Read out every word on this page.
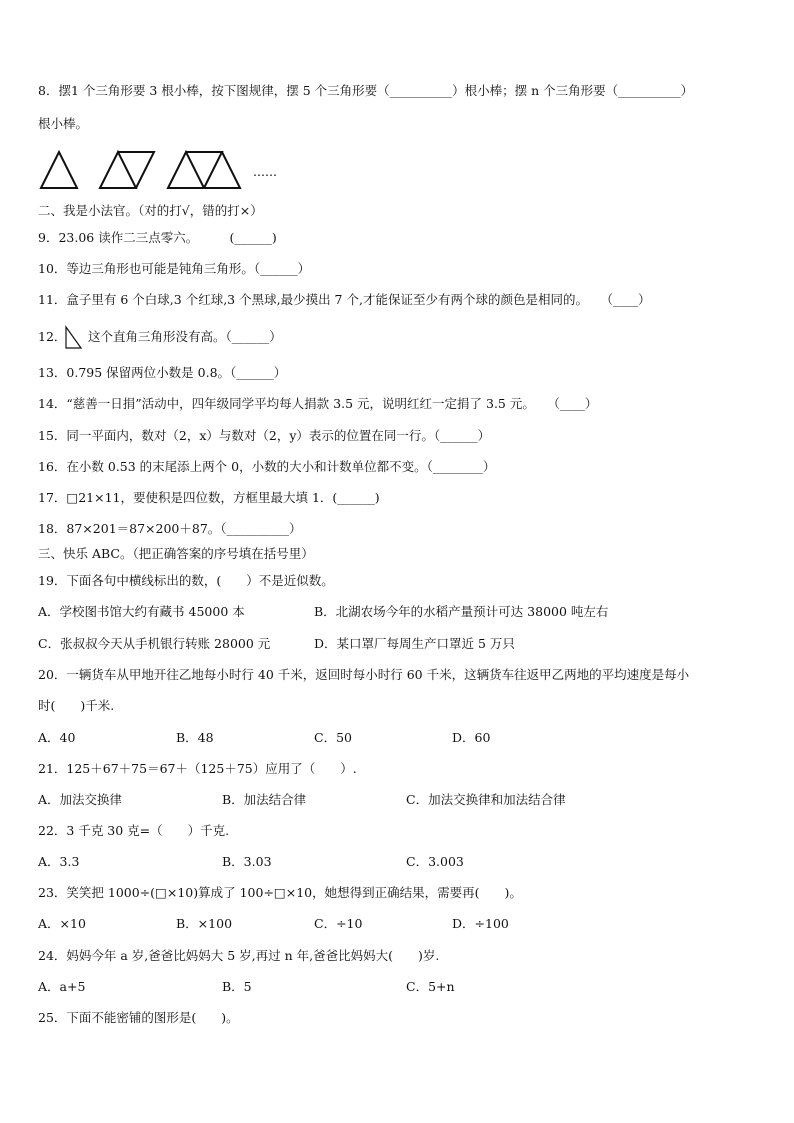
8．摆1 个三角形要 3 根小棒，按下图规律，摆 5 个三角形要（__________）根小棒；摆 n 个三角形要（__________）
根小棒。
……
二、我是小法官。（对的打√，错的打×）
9．23.06 读作二三点零六。　　　(______)
10．等边三角形也可能是钝角三角形。（______）
11．盒子里有 6 个白球,3 个红球,3 个黑球,最少摸出 7 个,才能保证至少有两个球的颜色是相同的。　　（____）
12． 这个直角三角形没有高。（______）
13．0.795 保留两位小数是 0.8。（______）
14．“慈善一日捐”活动中，四年级同学平均每人捐款 3.5 元，说明红红一定捐了 3.5 元。　　（____）
15．同一平面内，数对（2，x）与数对（2，y）表示的位置在同一行。（______）
16．在小数 0.53 的末尾添上两个 0，小数的大小和计数单位都不变。（________）
17．□21×11，要使积是四位数，方框里最大填 1．(______)
18．87×201＝87×200＋87。（__________）
三、快乐 ABC。（把正确答案的序号填在括号里）
19．下面各句中横线标出的数，(　　）不是近似数。
A．学校图书馆大约有藏书 45000 本	B．北湖农场今年的水稻产量预计可达 38000 吨左右
C．张叔叔今天从手机银行转账 28000 元	D．某口罩厂每周生产口罩近 5 万只
20．一辆货车从甲地开往乙地每小时行 40 千米，返回时每小时行 60 千米，这辆货车往返甲乙两地的平均速度是每小
时(　　)千米.
A．40	B．48	C．50	D．60
21．125＋67＋75＝67＋（125＋75）应用了（　　）.
A．加法交换律	B．加法结合律	C．加法交换律和加法结合律
22．3 千克 30 克=（　　）千克.
A．3.3	B．3.03	C．3.003
23．笑笑把 1000÷(□×10)算成了 100÷□×10，她想得到正确结果，需要再(　　)。
A．×10	B．×100	C．÷10	D．÷100
24．妈妈今年 a 岁,爸爸比妈妈大 5 岁,再过 n 年,爸爸比妈妈大(　　)岁.
A．a+5	B．5	C．5+n
25．下面不能密铺的图形是(　　)。
